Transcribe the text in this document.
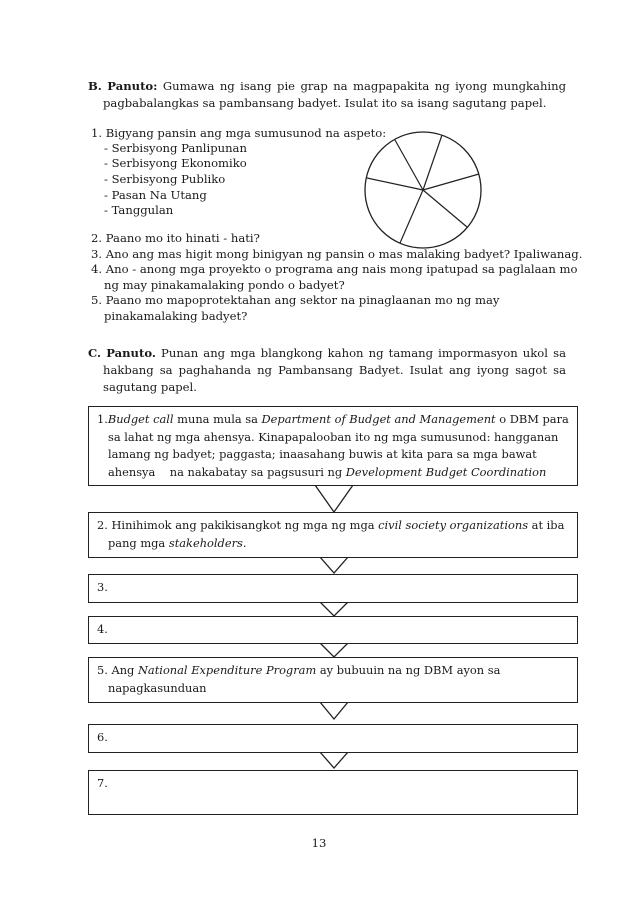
B. Panuto: Gumawa ng isang pie grap na magpapakita ng iyong mungkahing
pagbabalangkas sa pambansang badyet. Isulat ito sa isang sagutang papel.
1. Bigyang pansin ang mga sumusunod na aspeto:
- Serbisyong Panlipunan
- Serbisyong Ekonomiko
- Serbisyong Publiko
- Pasan Na Utang
- Tanggulan
2. Paano mo ito hinati - hati?
3. Ano ang mas higit mong binigyan ng pansin o mas malaking badyet? Ipaliwanag.
4. Ano - anong mga proyekto o programa ang nais mong ipatupad sa paglalaan mo
ng may pinakamalaking pondo o badyet?
5. Paano mo mapoprotektahan ang sektor na pinaglaanan mo ng may
pinakamalaking badyet?
C. Panuto. Punan ang mga blangkong kahon ng tamang impormasyon ukol sa
hakbang sa paghahanda ng Pambansang Badyet. Isulat ang iyong sagot sa
sagutang papel.
1.Budget call muna mula sa Department of Budget and Management o DBM para
sa lahat ng mga ahensya. Kinapapalooban ito ng mga sumusunod: hangganan
lamang ng badyet; paggasta; inaasahang buwis at kita para sa mga bawat
ahensya    na nakabatay sa pagsusuri ng Development Budget Coordination
2. Hinihimok ang pakikisangkot ng mga ng mga civil society organizations at iba
pang mga stakeholders.
3.
4.
5. Ang National Expenditure Program ay bubuuin na ng DBM ayon sa
napagkasunduan
6.
7.
13
